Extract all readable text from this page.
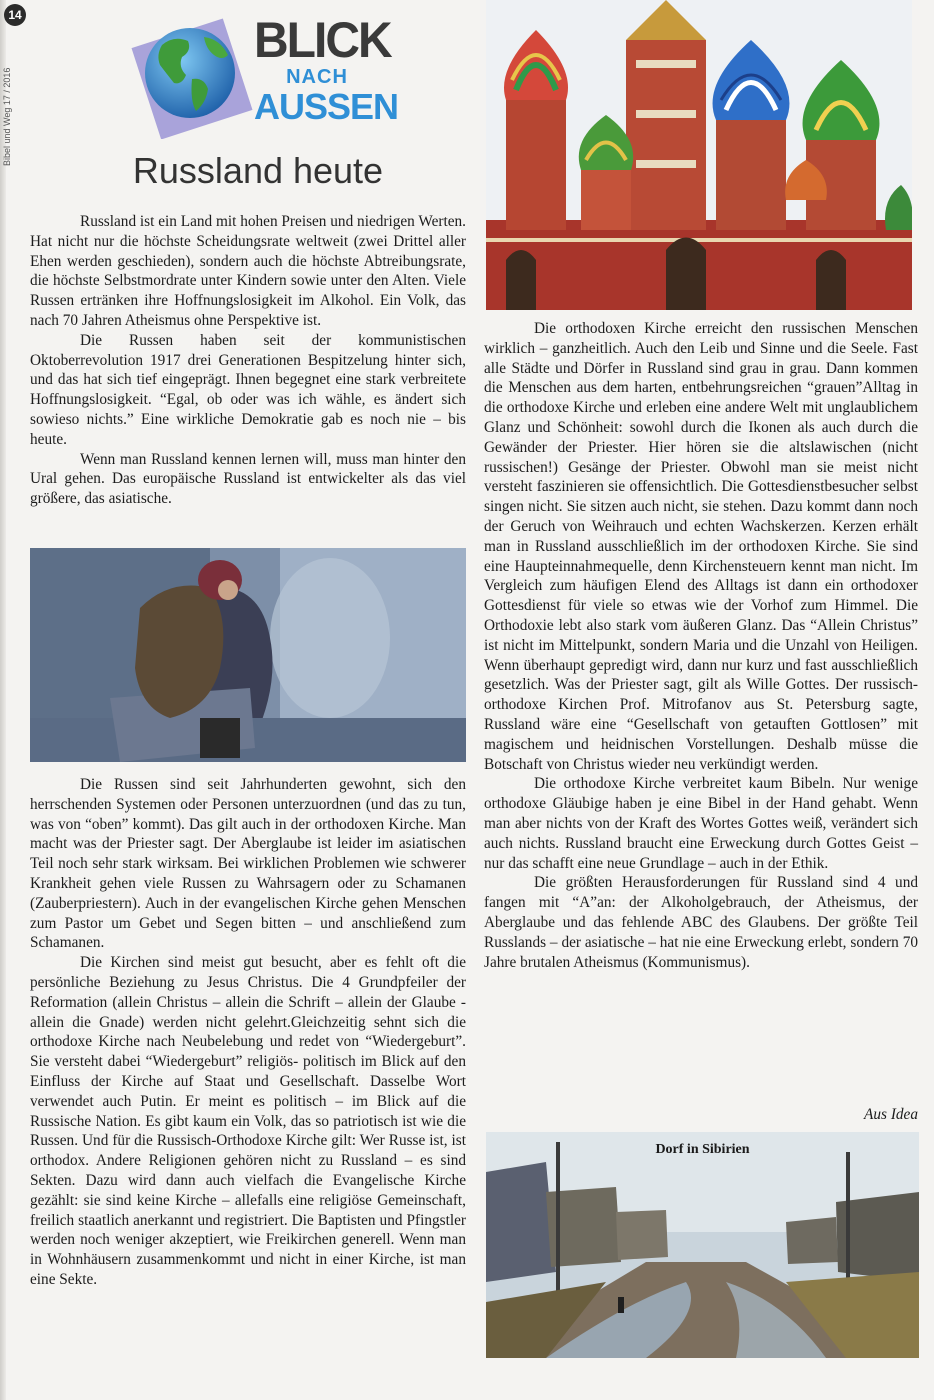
14
Bibel und Weg 17 / 2016
BLICK
NACH
AUSSEN
Russland heute

Russland ist ein Land mit hohen Preisen und niedrigen Werten. Hat nicht nur die höchste Scheidungsrate weltweit (zwei Drittel aller Ehen werden geschieden), sondern auch die höchste Abtreibungsrate, die höchste Selbstmordrate unter Kindern sowie unter den Alten. Viele Russen ertränken ihre Hoffnungslosigkeit im Alkohol. Ein Volk, das nach 70 Jahren Atheismus ohne Perspektive ist.

Die Russen haben seit der kommunistischen Oktoberrevolution 1917 drei Generationen Bespitzelung hinter sich, und das hat sich tief eingeprägt. Ihnen begegnet eine stark verbreitete Hoffnungslosigkeit. “Egal, ob oder was ich wähle, es ändert sich sowieso nichts.” Eine wirkliche Demokratie gab es noch nie – bis heute.

Wenn man Russland kennen lernen will, muss man hinter den Ural gehen. Das europäische Russland ist entwickelter als das viel größere, das asiatische.

Die Russen sind seit Jahrhunderten gewohnt, sich den herrschenden Systemen oder Personen unterzuordnen (und das zu tun, was von “oben” kommt). Das gilt auch in der orthodoxen Kirche. Man macht was der Priester sagt. Der Aberglaube ist leider im asiatischen Teil noch sehr stark wirksam. Bei wirklichen Problemen wie schwerer Krankheit gehen viele Russen zu Wahrsagern oder zu Schamanen (Zauberpriestern). Auch in der evangelischen Kirche gehen Menschen zum Pastor um Gebet und Segen bitten – und anschließend zum Schamanen.

Die Kirchen sind meist gut besucht, aber es fehlt oft die persönliche Beziehung zu Jesus Christus. Die 4 Grundpfeiler der Reformation (allein Christus – allein die Schrift – allein der Glaube - allein die Gnade) werden nicht gelehrt.Gleichzeitig sehnt sich die orthodoxe Kirche nach Neubelebung und redet von “Wiedergeburt”. Sie versteht dabei “Wiedergeburt” religiös- politisch im Blick auf den Einfluss der Kirche auf Staat und Gesellschaft. Dasselbe Wort verwendet auch Putin. Er meint es politisch – im Blick auf die Russische Nation. Es gibt kaum ein Volk, das so patriotisch ist wie die Russen. Und für die Russisch-Orthodoxe Kirche gilt: Wer Russe ist, ist orthodox. Andere Religionen gehören nicht zu Russland – es sind Sekten. Dazu wird dann auch vielfach die Evangelische Kirche gezählt: sie sind keine Kirche – allefalls eine religiöse Gemeinschaft, freilich staatlich anerkannt und registriert. Die Baptisten und Pfingstler werden noch weniger akzeptiert, wie Freikirchen generell. Wenn man in Wohnhäusern zusammenkommt und nicht in einer Kirche, ist man eine Sekte.

Die orthodoxen Kirche erreicht den russischen Menschen wirklich – ganzheitlich. Auch den Leib und Sinne und die Seele. Fast alle Städte und Dörfer in Russland sind grau in grau. Dann kommen die Menschen aus dem harten, entbehrungsreichen “grauen”Alltag in die orthodoxe Kirche und erleben eine andere Welt mit unglaublichem Glanz und Schönheit: sowohl durch die Ikonen als auch durch die Gewänder der Priester. Hier hören sie die altslawischen (nicht russischen!) Gesänge der Priester. Obwohl man sie meist nicht versteht faszinieren sie offensichtlich. Die Gottesdienstbesucher selbst singen nicht. Sie sitzen auch nicht, sie stehen. Dazu kommt dann noch der Geruch von Weihrauch und echten Wachskerzen. Kerzen erhält man in Russland ausschließlich im der orthodoxen Kirche. Sie sind eine Haupteinnahmequelle, denn Kirchensteuern kennt man nicht. Im Vergleich zum häufigen Elend des Alltags ist dann ein orthodoxer Gottesdienst für viele so etwas wie der Vorhof zum Himmel. Die Orthodoxie lebt also stark vom äußeren Glanz. Das “Allein Christus” ist nicht im Mittelpunkt, sondern Maria und die Unzahl von Heiligen. Wenn überhaupt gepredigt wird, dann nur kurz und fast ausschließlich gesetzlich. Was der Priester sagt, gilt als Wille Gottes. Der russisch-orthodoxe Kirchen Prof. Mitrofanov aus St. Petersburg sagte, Russland wäre eine “Gesellschaft von getauften Gottlosen” mit magischem und heidnischen Vorstellungen. Deshalb müsse die Botschaft von Christus wieder neu verkündigt werden.

Die orthodoxe Kirche verbreitet kaum Bibeln. Nur wenige orthodoxe Gläubige haben je eine Bibel in der Hand gehabt. Wenn man aber nichts von der Kraft des Wortes Gottes weiß, verändert sich auch nichts. Russland braucht eine Erweckung durch Gottes Geist – nur das schafft eine neue Grundlage – auch in der Ethik.

Die größten Herausforderungen für Russland sind 4 und fangen mit “A”an: der Alkoholgebrauch, der Atheismus, der Aberglaube und das fehlende ABC des Glaubens. Der größte Teil Russlands – der asiatische – hat nie eine Erweckung erlebt, sondern 70 Jahre brutalen Atheismus (Kommunismus).

Aus Idea
Dorf in Sibirien
